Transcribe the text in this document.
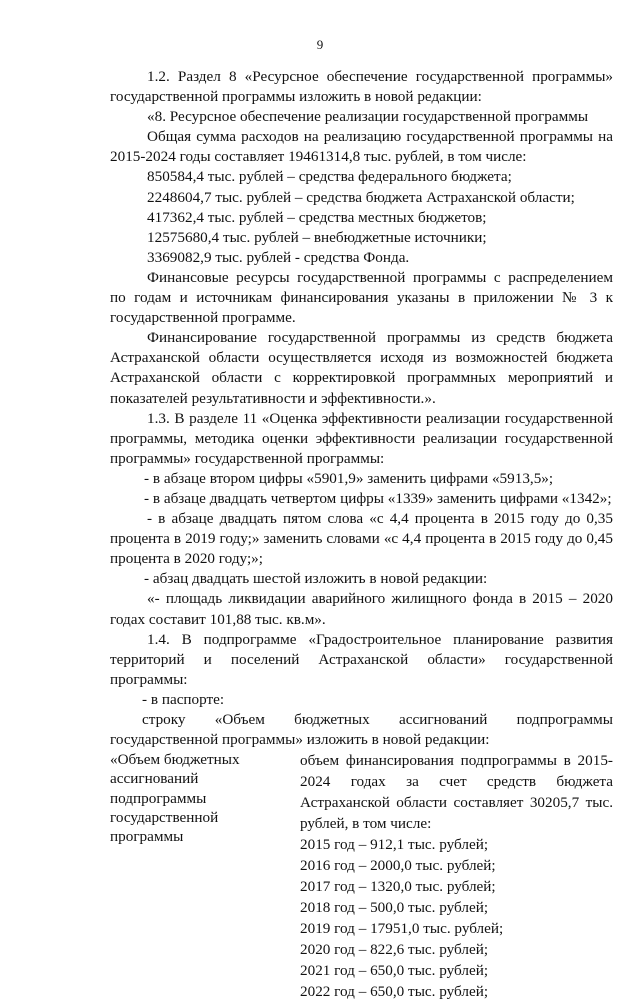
9
1.2. Раздел 8 «Ресурсное обеспечение государственной программы» государственной программы изложить в новой редакции:
«8. Ресурсное обеспечение реализации государственной программы
Общая сумма расходов на реализацию государственной программы на 2015-2024 годы составляет 19461314,8 тыс. рублей, в том числе:
850584,4 тыс. рублей – средства федерального бюджета;
2248604,7 тыс. рублей – средства бюджета Астраханской области;
417362,4 тыс. рублей – средства местных бюджетов;
12575680,4 тыс. рублей – внебюджетные источники;
3369082,9 тыс. рублей - средства Фонда.
Финансовые ресурсы государственной программы с распределением по годам и источникам финансирования указаны в приложении № 3 к государственной программе.
Финансирование государственной программы из средств бюджета Астраханской области осуществляется исходя из возможностей бюджета Астраханской области с корректировкой программных мероприятий и показателей результативности и эффективности.».
1.3. В разделе 11 «Оценка эффективности реализации государственной программы, методика оценки эффективности реализации государственной программы» государственной программы:
- в абзаце втором цифры «5901,9» заменить цифрами «5913,5»;
- в абзаце двадцать четвертом цифры «1339» заменить цифрами «1342»;
- в абзаце двадцать пятом слова «с 4,4 процента в 2015 году до 0,35 процента в 2019 году;» заменить словами «с 4,4 процента в 2015 году до 0,45 процента в 2020 году;»;
- абзац двадцать шестой изложить в новой редакции:
«- площадь ликвидации аварийного жилищного фонда в 2015 – 2020 годах составит 101,88 тыс. кв.м».
1.4. В подпрограмме «Градостроительное планирование развития территорий и поселений Астраханской области» государственной программы:
- в паспорте:
строку «Объем бюджетных ассигнований подпрограммы
государственной программы» изложить в новой редакции:
«Объем бюджетных ассигнований подпрограммы государственной программы
объем финансирования подпрограммы в 2015-2024 годах за счет средств бюджета Астраханской области составляет 30205,7 тыс. рублей, в том числе:
2015 год – 912,1 тыс. рублей;
2016 год – 2000,0 тыс. рублей;
2017 год – 1320,0 тыс. рублей;
2018 год – 500,0 тыс. рублей;
2019 год – 17951,0 тыс. рублей;
2020 год – 822,6 тыс. рублей;
2021 год – 650,0 тыс. рублей;
2022 год – 650,0 тыс. рублей;
